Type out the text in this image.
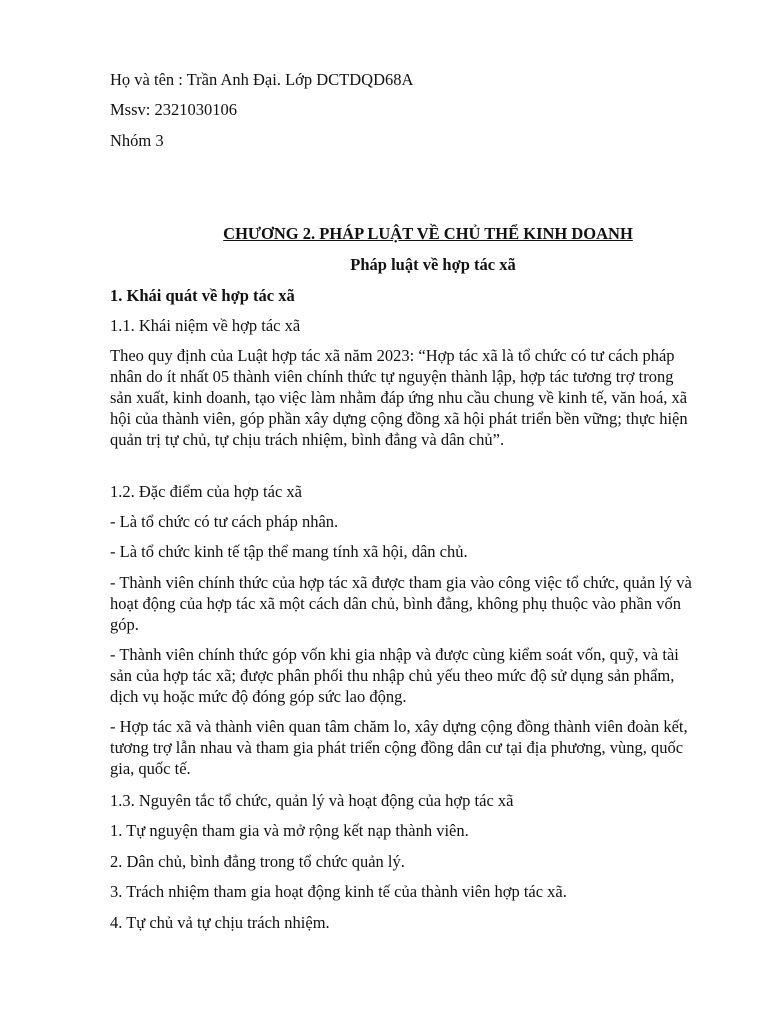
Họ và tên : Trần Anh Đại. Lớp DCTDQD68A

Mssv: 2321030106

Nhóm 3

CHƯƠNG 2. PHÁP LUẬT VỀ CHỦ THỂ KINH DOANH

Pháp luật về hợp tác xã

1. Khái quát về hợp tác xã

1.1. Khái niệm về hợp tác xã

Theo quy định của Luật hợp tác xã năm 2023: “Hợp tác xã là tổ chức có tư cách pháp nhân do ít nhất 05 thành viên chính thức tự nguyện thành lập, hợp tác tương trợ trong sản xuất, kinh doanh, tạo việc làm nhằm đáp ứng nhu cầu chung về kinh tế, văn hoá, xã hội của thành viên, góp phần xây dựng cộng đồng xã hội phát triển bền vững; thực hiện quản trị tự chủ, tự chịu trách nhiệm, bình đẳng và dân chủ”.

1.2. Đặc điểm của hợp tác xã

- Là tổ chức có tư cách pháp nhân.

- Là tổ chức kinh tế tập thể mang tính xã hội, dân chủ.

- Thành viên chính thức của hợp tác xã được tham gia vào công việc tổ chức, quản lý và hoạt động của hợp tác xã một cách dân chủ, bình đẳng, không phụ thuộc vào phần vốn góp.

- Thành viên chính thức góp vốn khi gia nhập và được cùng kiểm soát vốn, quỹ, và tài sản của hợp tác xã; được phân phối thu nhập chủ yếu theo mức độ sử dụng sản phẩm, dịch vụ hoặc mức độ đóng góp sức lao động.

- Hợp tác xã và thành viên quan tâm chăm lo, xây dựng cộng đồng thành viên đoàn kết, tương trợ lẫn nhau và tham gia phát triển cộng đồng dân cư tại địa phương, vùng, quốc gia, quốc tế.

1.3. Nguyên tắc tổ chức, quản lý và hoạt động của hợp tác xã

1. Tự nguyện tham gia và mở rộng kết nạp thành viên.

2. Dân chủ, bình đẳng trong tổ chức quản lý.

3. Trách nhiệm tham gia hoạt động kinh tế của thành viên hợp tác xã.

4. Tự chủ vả tự chịu trách nhiệm.
